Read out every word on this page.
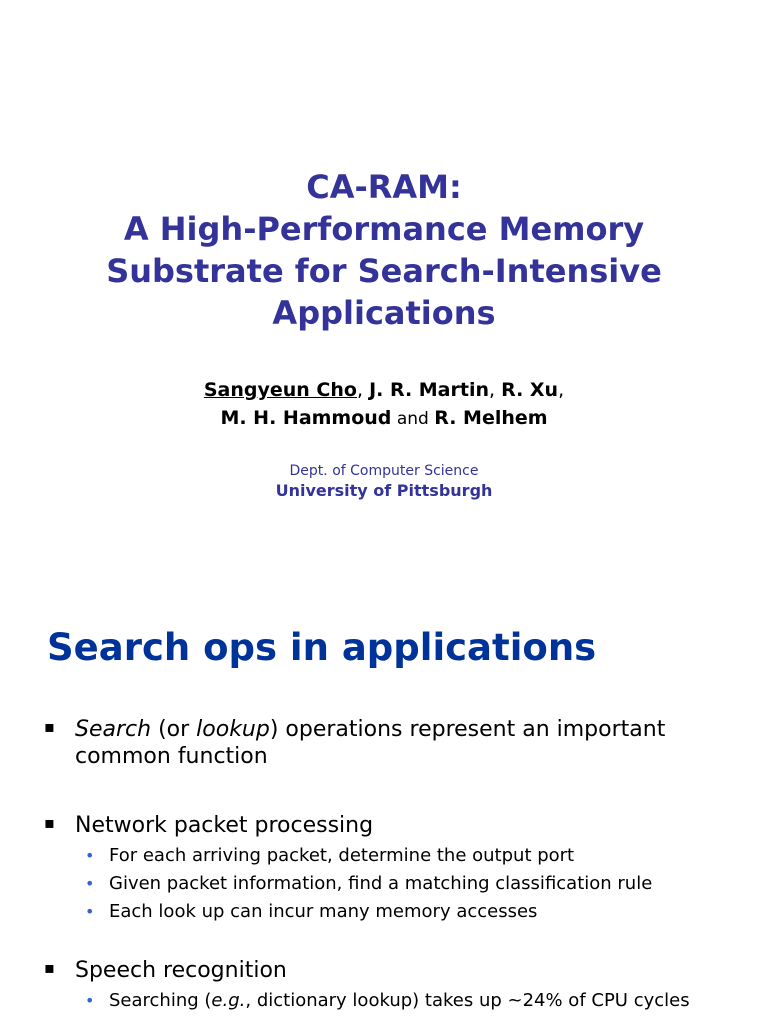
CA-RAM:
A High-Performance Memory
Substrate for Search-Intensive
Applications
Sangyeun Cho, J. R. Martin, R. Xu,
M. H. Hammoud and R. Melhem
Dept. of Computer Science
University of Pittsburgh
Search ops in applications
▪ Search (or lookup) operations represent an important common function
▪ Network packet processing
• For each arriving packet, determine the output port
• Given packet information, find a matching classification rule
• Each look up can incur many memory accesses
▪ Speech recognition
• Searching (e.g., dictionary lookup) takes up ~24% of CPU cycles
